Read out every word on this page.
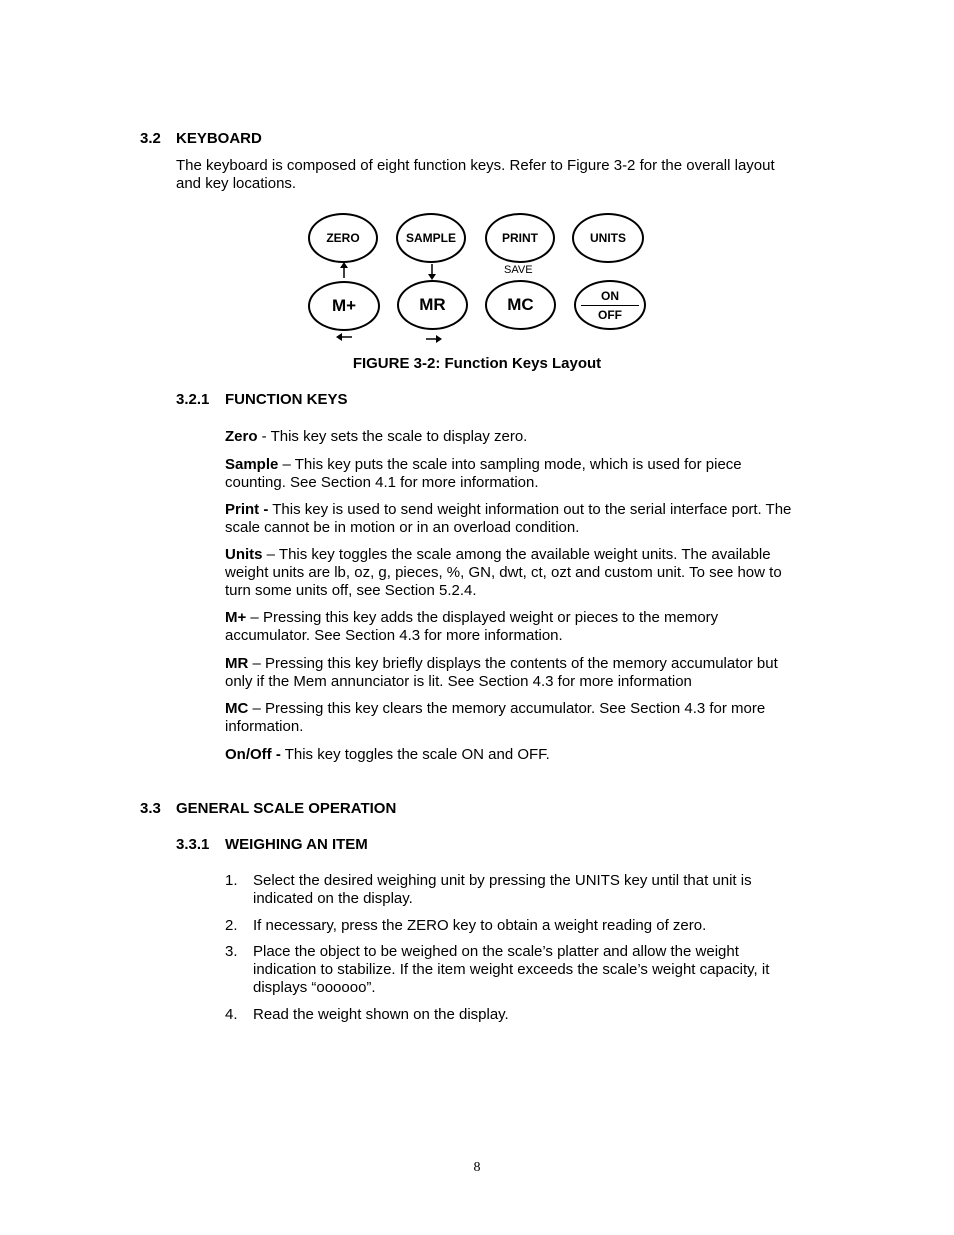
3.2 KEYBOARD
The keyboard is composed of eight function keys. Refer to Figure 3-2 for the overall layout
and key locations.
ZERO	SAMPLE	PRINT	UNITS
SAVE
M+	MR	MC	ON
OFF
FIGURE 3-2: Function Keys Layout
3.2.1 FUNCTION KEYS
Zero - This key sets the scale to display zero.
Sample – This key puts the scale into sampling mode, which is used for piece
counting. See Section 4.1 for more information.
Print - This key is used to send weight information out to the serial interface port. The
scale cannot be in motion or in an overload condition.
Units – This key toggles the scale among the available weight units. The available
weight units are lb, oz, g, pieces, %, GN, dwt, ct, ozt and custom unit. To see how to
turn some units off, see Section 5.2.4.
M+ – Pressing this key adds the displayed weight or pieces to the memory
accumulator. See Section 4.3 for more information.
MR – Pressing this key briefly displays the contents of the memory accumulator but
only if the Mem annunciator is lit. See Section 4.3 for more information
MC – Pressing this key clears the memory accumulator. See Section 4.3 for more
information.
On/Off - This key toggles the scale ON and OFF.
3.3 GENERAL SCALE OPERATION
3.3.1 WEIGHING AN ITEM
1. Select the desired weighing unit by pressing the UNITS key until that unit is
indicated on the display.
2. If necessary, press the ZERO key to obtain a weight reading of zero.
3. Place the object to be weighed on the scale’s platter and allow the weight
indication to stabilize. If the item weight exceeds the scale’s weight capacity, it
displays “oooooo”.
4. Read the weight shown on the display.
8
